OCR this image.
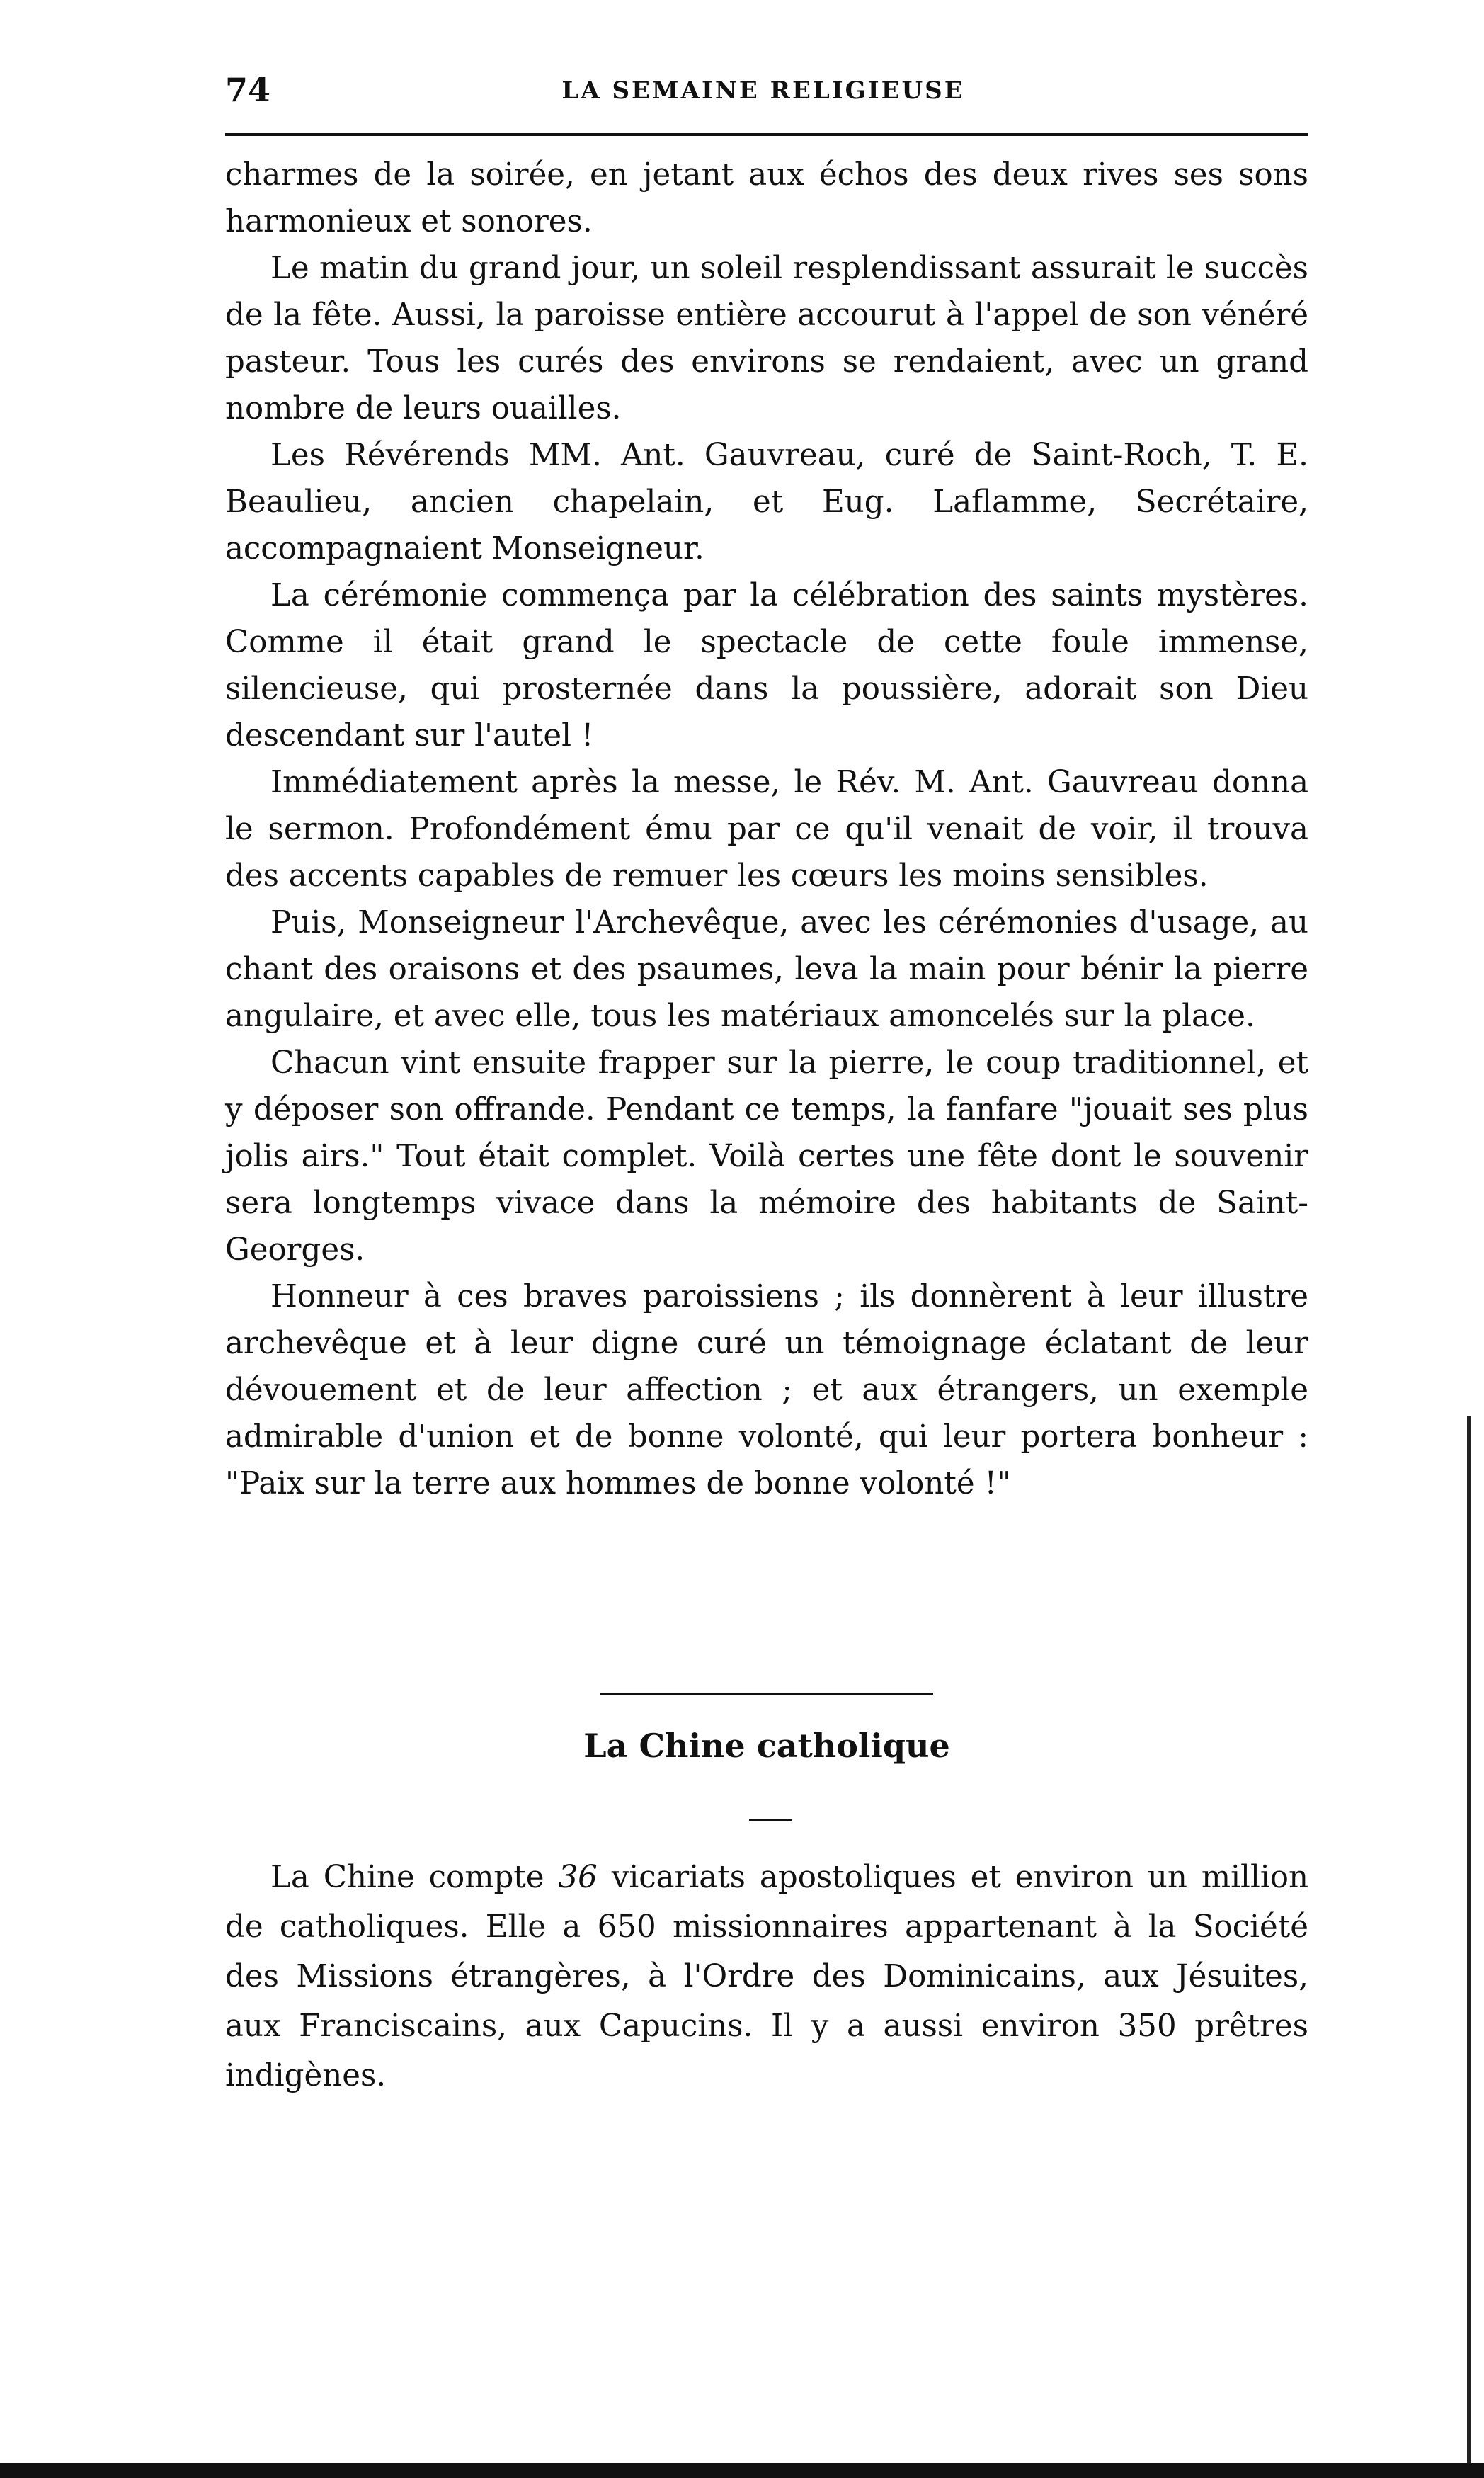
74	LA SEMAINE RELIGIEUSE

charmes de la soirée, en jetant aux échos des deux rives ses sons harmonieux et sonores.

Le matin du grand jour, un soleil resplendissant assurait le succès de la fête. Aussi, la paroisse entière accourut à l'appel de son vénéré pasteur. Tous les curés des environs se rendaient, avec un grand nombre de leurs ouailles.

Les Révérends MM. Ant. Gauvreau, curé de Saint-Roch, T. E. Beaulieu, ancien chapelain, et Eug. Laflamme, Secrétaire, accompagnaient Monseigneur.

La cérémonie commença par la célébration des saints mystères. Comme il était grand le spectacle de cette foule immense, silencieuse, qui prosternée dans la poussière, adorait son Dieu descendant sur l'autel !

Immédiatement après la messe, le Rév. M. Ant. Gauvreau donna le sermon. Profondément ému par ce qu'il venait de voir, il trouva des accents capables de remuer les cœurs les moins sensibles.

Puis, Monseigneur l'Archevêque, avec les cérémonies d'usage, au chant des oraisons et des psaumes, leva la main pour bénir la pierre angulaire, et avec elle, tous les matériaux amoncelés sur la place.

Chacun vint ensuite frapper sur la pierre, le coup traditionnel, et y déposer son offrande. Pendant ce temps, la fanfare "jouait ses plus jolis airs." Tout était complet. Voilà certes une fête dont le souvenir sera longtemps vivace dans la mémoire des habitants de Saint-Georges.

Honneur à ces braves paroissiens ; ils donnèrent à leur illustre archevêque et à leur digne curé un témoignage éclatant de leur dévouement et de leur affection ; et aux étrangers, un exemple admirable d'union et de bonne volonté, qui leur portera bonheur : "Paix sur la terre aux hommes de bonne volonté !"

La Chine catholique

La Chine compte 36 vicariats apostoliques et environ un million de catholiques. Elle a 650 missionnaires appartenant à la Société des Missions étrangères, à l'Ordre des Dominicains, aux Jésuites, aux Franciscains, aux Capucins. Il y a aussi environ 350 prêtres indigènes.
